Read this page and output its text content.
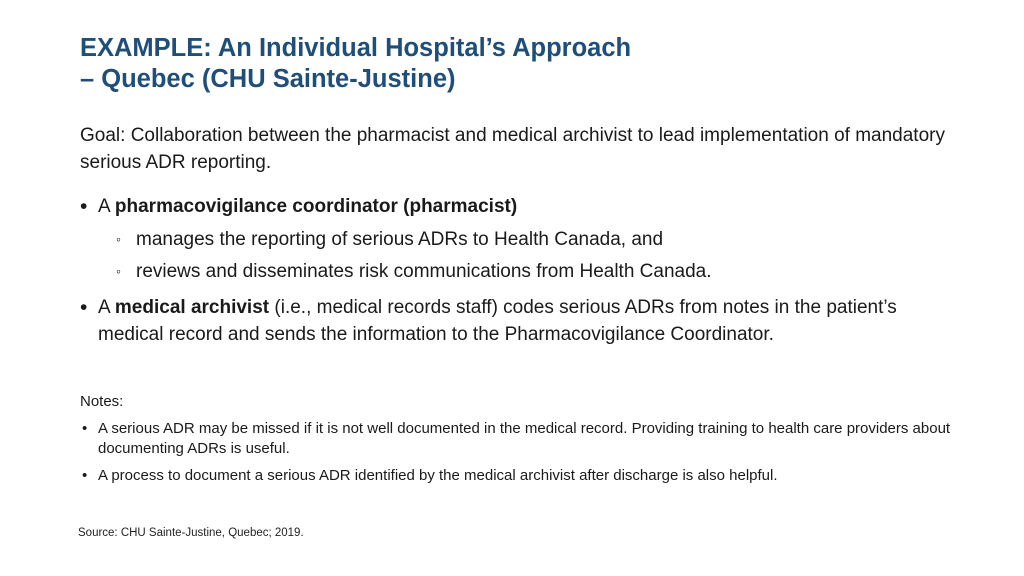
EXAMPLE: An Individual Hospital’s Approach
– Quebec (CHU Sainte-Justine)
Goal: Collaboration between the pharmacist and medical archivist to lead implementation of mandatory serious ADR reporting.
• A pharmacovigilance coordinator (pharmacist)
◦ manages the reporting of serious ADRs to Health Canada, and
◦ reviews and disseminates risk communications from Health Canada.
• A medical archivist (i.e., medical records staff) codes serious ADRs from notes in the patient’s medical record and sends the information to the Pharmacovigilance Coordinator.
Notes:
• A serious ADR may be missed if it is not well documented in the medical record. Providing training to health care providers about documenting ADRs is useful.
• A process to document a serious ADR identified by the medical archivist after discharge is also helpful.
Source: CHU Sainte-Justine, Quebec; 2019.
